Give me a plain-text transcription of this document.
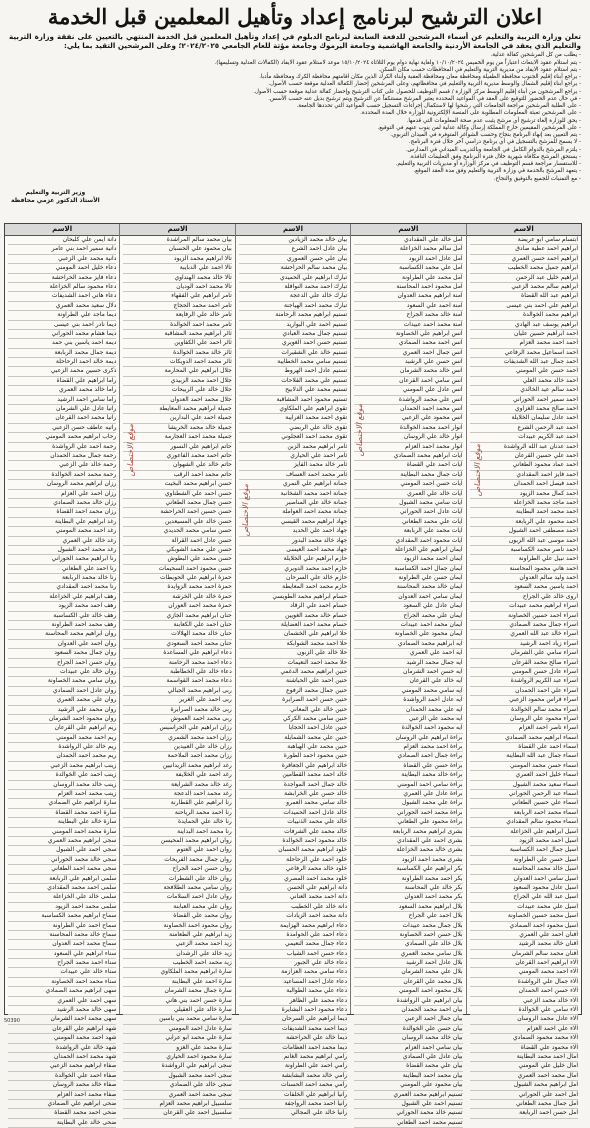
اعلان الترشيح لبرنامج إعداد وتأهيل المعلمين قبل الخدمة
تعلن وزارة التربية والتعليم عن أسماء المرشحين للدفعة السابعة لبرنامج الدبلوم في إعداد وتأهيل المعلمين قبل الخدمة المنتهي بالتعيين على نفقة وزارة التربية والتعليم الذي يعقد في الجامعة الأردنية والجامعة الهاشمية وجامعة اليرموك وجامعة مؤتة للعام الجامعي ٢٠٢٤/٢٠٢٥؛ وعلى المرشحين التقيد بما يلي:
- يطلب من كل المرشحين كفالة عدلية.
- يتم استلام عقود الابتعاث اعتباراً من يوم الخميس ١٠/١٠/٢٠٢٤ ولغاية نهاية دوام يوم الثلاثاء ١٥/١٠/٢٠٢٤ موعد لاستلام عقود الايفاد (الكفالات العدلية وتسليمها).
- يتم استلام عقود الايفاد من مديرية التربية والتعليم في المحافظات حسب مكان السكن.
- يراجع أبناء إقليم الجنوب محافظة الطفيلة ومحافظة معان ومحافظة العقبة وأبناء الكرك الذين مكان اقامتهم محافظة الكرك ومحافظة مأدبا.
- يراجع أبناء إقليم الشمال والوسط مديرية التربية والتعليم في محافظاتهم، وعلى المرشحين إحضار الكفالة العدلية موقعة حسب الأصول.
- يراجع المرشحون من أبناء إقليم الوسط مركز الوزارة / قسم التوظيف للحصول على كتاب الترشيح وإحضار كفالة عدلية موقعة حسب الأصول.
- في حال عدم الحضور للتوقيع على العقد في المواعيد المحددة يعتبر المرشح مستنكفاً عن الترشيح ويتم ترشيح بديل عنه حسب الأسس.
- على الطلبة المرشحين مراجعة الجامعات التي رشحوا لها لاستكمال إجراءات التسجيل حسب المواعيد التي تحددها الجامعة.
- على المرشحين تعبئة المعلومات المطلوبة على المنصة الإلكترونية للوزارة خلال المدة المحددة.
- يحق للوزارة إلغاء ترشيح أي مرشح يثبت عدم صحة المعلومات التي قدمها.
- على المرشحين المقيمين خارج المملكة إرسال وكالة عدلية لمن ينوب عنهم في التوقيع.
- يتم التعيين بعد إنهاء البرنامج بنجاح وحسب الشواغر المتوفرة في الميدان التربوي.
- لا يسمح للمرشح بالتسجيل في أي برنامج دراسي آخر خلال فترة البرنامج.
- يلتزم المرشح بالدوام الكامل في الجامعة وبالتدريب الميداني في المدارس.
- يستحق المرشح مكافأة شهرية خلال فترة البرنامج وفق التعليمات النافذة.
- للاستفسار مراجعة قسم التوظيف في مركز الوزارة أو مديريات التربية والتعليم.
- يتعهد المرشح بالخدمة في وزارة التربية والتعليم وفق مدة العقد الموقع.
- مع التمنيات للجميع بالتوفيق والنجاح.
وزير التربية والتعليم
الأستاذ الدكتور عزمي محافظة
الاسم
ابتسام سامي ابو عريضة
ابراهيم احمد عطية صادق
ابراهيم احمد حسن العمري
ابراهيم جميل محمد الخطيب
ابراهيم خليل عبد الرحمن
ابراهيم سالم محمد الزعبي
ابراهيم عبد الله القضاة
ابراهيم علي احمد بني عيسى
ابراهيم محمد الخوالدة
ابراهيم يوسف عبد الهادي
احمد ابراهيم حسين عليان
احمد احمد محمد العزام
احمد اسماعيل محمد الرفاعي
احمد جمال عبد الله الشديفات
احمد حسن علي المومني
احمد خالد محمد العلي
احمد سالم عيد الخالدي
احمد سمير احمد الحوراني
احمد صالح محمد الغزاوي
احمد عادل سليمان الخلايلة
احمد عبد الرحمن الشرع
احمد عبد الكريم عبيدات
احمد عدنان عبد الله الرواشدة
احمد علي حسين القرعان
احمد عماد محمود الطعاني
احمد فايز احمد المقدادي
احمد فيصل احمد الحمدان
احمد كمال محمد الزيود
احمد ماجد محمد الخزاعلة
احمد محمد احمد البطاينة
احمد محمود علي الربابعة
احمد مصطفى احمد الشبول
احمد موسى عبد الله الزبون
احمد ناصر محمد الكساسبة
احمد نبيل علي الطراونة
احمد هاني محمود المحاسنة
احمد وليد سالم العدوان
احمد ياسين محمد السعود
اروى خالد علي الجراح
اسراء ابراهيم محمد عبيدات
اسراء احمد حسين الخصاونة
اسراء جمال محمد الصمادي
اسراء خالد عبد الله العمري
اسراء زياد احمد الرشيد
اسراء سامي علي الشرمان
اسراء صالح محمد القرعان
اسراء عادل حسن المومني
اسراء عبد الكريم الرواشدة
اسراء علي احمد الحمدان
اسراء فراس محمود الزعبي
اسراء محمد سالم الخوالدة
اسراء محمود علي الروسان
اسراء ناصر احمد العزام
اسماء ابراهيم محمد الصمادي
اسماء احمد علي القضاة
اسماء جمال عبد الله البطاينة
اسماء حسن محمد المومني
اسماء خليل احمد العمري
اسماء سعيد محمد الشبول
اسماء عبد الرحمن الحوراني
اسماء علي حسين الطعاني
اسماء محمد احمد الربابعة
اسماء محمود سالم المقدادي
اسيل ابراهيم علي الخزاعلة
اسيل احمد محمد الزيود
اسيل جمال احمد الكساسبة
اسيل حسن علي الطراونة
اسيل خالد محمد المحاسنة
اسيل سامي احمد العدوان
اسيل عادل محمود السعود
اسيل عبد الله علي الجراح
اسيل علي محمد عبيدات
اسيل محمد حسين الخصاونة
اسيل محمود احمد الصمادي
افنان احمد علي العمري
افنان خالد محمد الرشيد
افنان محمد سالم الشرمان
الاء ابراهيم احمد القرعان
الاء احمد محمد المومني
الاء جمال علي الرواشدة
الاء حسن احمد الحمدان
الاء خالد محمد الزعبي
الاء سامي علي الخوالدة
الاء عادل محمد الروسان
الاء علي احمد العزام
الاء محمد محمود الصمادي
الاء محمود علي القضاة
امال احمد محمد البطاينة
امال خليل علي المومني
امال محمد احمد العمري
امل ابراهيم محمد الشبول
امل احمد علي الحوراني
امل جمال محمد الطعاني
امل حسن احمد الربابعة
موقع الاختصاص
الاسم
امل خالد علي المقدادي
امل سالم محمد الخزاعلة
امل عادل احمد الزيود
امل علي محمد الكساسبة
امل محمد علي الطراونة
امل محمود احمد المحاسنة
امنة ابراهيم محمد العدوان
امنة احمد علي السعود
امنة خالد محمد الجراح
امنة محمد احمد عبيدات
انس ابراهيم علي الخصاونة
انس احمد محمد الصمادي
انس جمال احمد العمري
انس حسن علي الرشيد
انس خالد محمد الشرمان
انس سامي احمد القرعان
انس عادل علي المومني
انس علي محمد الرواشدة
انس محمد احمد الحمدان
انس محمود علي الزعبي
انوار احمد محمد الخوالدة
انوار خالد علي الروسان
انوار محمد احمد العزام
ايات ابراهيم محمد الصمادي
ايات احمد علي القضاة
ايات جمال محمد البطاينة
ايات حسن احمد المومني
ايات خالد علي العمري
ايات سامي محمد الشبول
ايات عادل احمد الحوراني
ايات علي محمد الطعاني
ايات محمد علي الربابعة
ايات محمود احمد المقدادي
ايمان ابراهيم علي الخزاعلة
ايمان احمد محمد الزيود
ايمان جمال احمد الكساسبة
ايمان حسن علي الطراونة
ايمان خالد محمد المحاسنة
ايمان سامي احمد العدوان
ايمان عادل علي السعود
ايمان علي محمد الجراح
ايمان محمد احمد عبيدات
ايمان محمود علي الخصاونة
ايه ابراهيم محمد الصمادي
ايه احمد علي العمري
ايه جمال محمد الرشيد
ايه حسن احمد الشرمان
ايه خالد علي القرعان
ايه سامي محمد المومني
ايه عادل احمد الرواشدة
ايه علي محمد الحمدان
ايه محمد علي الزعبي
ايه محمود احمد الخوالدة
براءة ابراهيم علي الروسان
براءة احمد محمد العزام
براءة جمال احمد الصمادي
براءة حسن علي القضاة
براءة خالد محمد البطاينة
براءة سامي احمد المومني
براءة عادل علي العمري
براءة علي محمد الشبول
براءة محمد احمد الحوراني
براءة محمود علي الطعاني
بشرى ابراهيم محمد الربابعة
بشرى احمد علي المقدادي
بشرى خالد محمد الخزاعلة
بشرى محمد احمد الزيود
بكر ابراهيم علي الكساسبة
بكر احمد محمد الطراونة
بكر خالد علي المحاسنة
بكر محمد احمد العدوان
بلال ابراهيم محمد السعود
بلال احمد علي الجراح
بلال جمال محمد عبيدات
بلال حسن احمد الخصاونة
بلال خالد علي الصمادي
بلال سامي محمد العمري
بلال عادل احمد الرشيد
بلال علي محمد الشرمان
بلال محمد علي القرعان
بلال محمود احمد المومني
بيان ابراهيم علي الرواشدة
بيان احمد محمد الحمدان
بيان جمال احمد الزعبي
بيان حسن علي الخوالدة
بيان خالد محمد الروسان
بيان سامي احمد العزام
بيان عادل علي الصمادي
بيان علي محمد القضاة
بيان محمد احمد البطاينة
بيان محمود علي المومني
تسنيم ابراهيم محمد العمري
تسنيم احمد علي الشبول
تسنيم خالد محمد الحوراني
تسنيم محمد احمد الطعاني
موقع الاختصاص
الاسم
بيان خالد محمد الزيادين
بيان عادل احمد الشرع
بيان علي حسن العموري
بيان محمد سالم الحراحشة
تبارك ابراهيم علي الحميدي
تبارك احمد محمد النوافلة
تبارك خالد علي الدعجة
تبارك محمد احمد الهياجنة
تسنيم ابراهيم محمد الرحامنة
تسنيم احمد علي البواريد
تسنيم جمال محمد العبادي
تسنيم حسن احمد الغويري
تسنيم خالد علي الشقيرات
تسنيم سامي محمد الخطايبة
تسنيم عادل احمد الهروط
تسنيم علي محمد الفلاحات
تسنيم محمد علي الدلابيح
تسنيم محمود احمد المشاقبة
تقوى ابراهيم علي الملكاوي
تقوى احمد محمد الغرايبة
تقوى خالد علي الربضي
تقوى محمد احمد العجلوني
ثامر ابراهيم محمد الزبن
ثامر احمد علي الحياري
ثامر خالد محمد الفايز
ثامر محمد احمد العساف
جمانة ابراهيم علي النمري
جمانة احمد محمد الشخانبة
جمانة خالد علي المناصير
جمانة محمد احمد العواملة
جهاد ابراهيم محمد القيسي
جهاد احمد علي الحديد
جهاد خالد محمد البدور
جهاد محمد احمد العيسى
حازم ابراهيم علي الخلايلة
حازم احمد محمد الدويري
حازم خالد علي السرحان
حازم محمد احمد المعايطة
حسام ابراهيم محمد الطويسي
حسام احمد علي الرقاد
حسام خالد محمد الغويين
حسام محمد احمد العضايلة
حلا ابراهيم علي الخشمان
حلا احمد محمد الشوابكة
حلا خالد علي الزبون
حلا محمد احمد النعيمات
حنين ابراهيم محمد الدغمي
حنين احمد علي الحباشنة
حنين جمال محمد الرفوع
حنين حسن احمد الصرايرة
حنين خالد علي المعاني
حنين سامي محمد الكركي
حنين عادل احمد الحجايا
حنين علي محمد الشمايلة
حنين محمد علي الهباهبة
حنين محمود احمد الطورة
خالد ابراهيم علي الجعافرة
خالد احمد محمد القطامين
خالد جمال احمد المواجدة
خالد حسن علي الخرابشة
خالد سامي محمد العمرو
خالد عادل احمد الحميدات
خالد علي محمد الذنيبات
خالد محمد علي الشرفات
خالد محمود احمد الخوالدة
خلود ابراهيم محمد الحسبان
خلود احمد علي الرحاحلة
خلود خالد محمد الرفاعي
خلود محمد احمد المصري
دانة ابراهيم علي الحسن
دانة احمد محمد العناني
دانة خالد علي الخطيب
دانة محمد احمد الزيادات
دعاء ابراهيم محمد الهزايمة
دعاء احمد علي الحوامدة
دعاء جمال محمد النعيمي
دعاء حسن احمد الشياب
دعاء خالد علي الجبور
دعاء سامي محمد العزازمة
دعاء عادل احمد المساعيد
دعاء علي محمد الطوالبة
دعاء محمد علي الظاهر
دعاء محمود احمد البشايرة
ديما ابراهيم علي السرحان
ديما احمد محمد الشديفات
ديما خالد علي الحراحشة
ديما محمد احمد العظامات
رامي ابراهيم محمد الغانم
رامي احمد علي الطراونة
رامي خالد محمد البشابشة
رامي محمد احمد الحسنات
رانيا ابراهيم علي الخلفات
رانيا احمد محمد الرواجفة
رانيا خالد علي المجالي
موقع الاختصاص
الاسم
بيان محمد سالم المراشدة
بيان محمود علي الحسبان
تالا ابراهيم محمد الزيود
تالا احمد علي الدبايبة
تالا خالد محمد الهنداوي
تالا محمد احمد الوديان
تامر ابراهيم علي الفقهاء
تامر احمد محمد الحجاج
تامر خالد علي الرفايعة
تامر محمد احمد الخوالدة
ثائر ابراهيم محمد المشاقبة
ثائر احمد علي الكفاوين
ثائر خالد محمد الخوالدة
ثائر محمد احمد الدويكات
جلال ابراهيم علي المحارمة
جلال احمد محمد الزبيدي
جلال خالد علي الربيحات
جلال محمد احمد العدوان
جميلة ابراهيم محمد المعايطة
جميلة احمد علي البدارين
جميلة خالد محمد الخريشا
جميلة محمد احمد العجارمة
حاتم ابراهيم علي النسور
حاتم احمد محمد الفاعوري
حاتم خالد علي الشهوان
حاتم محمد احمد الرقب
حسن ابراهيم محمد البخيت
حسن احمد علي الشطناوي
حسن جمال محمد الطعاني
حسن حسين احمد الحراحشة
حسن خالد علي المسيعدين
حسن سامي محمد الحديدي
حسن عادل احمد القرالة
حسن علي محمد الشوبكي
حسن محمد علي البطوش
حسن محمود احمد السحيمات
حمزة ابراهيم علي الحويطات
حمزة احمد محمد الزوايدة
حمزة خالد علي الخرشة
حمزة محمد احمد العوران
حنان ابراهيم محمد الجازي
حنان احمد علي الكعابنة
حنان خالد محمد الهلالات
حنان محمد احمد السعودي
دعاء ابراهيم علي المساعدة
دعاء احمد محمد الرحامنة
دعاء خالد علي الخطاطبة
دعاء محمد احمد القواسمة
ربى ابراهيم محمد الجبالي
ربى احمد علي الغرير
ربى خالد محمد الصرايرة
ربى محمد احمد العموش
رزان ابراهيم علي الحراسيس
رزان احمد محمد الشمري
رزان خالد علي العبيدين
رزان محمد احمد الملاحمة
رغد ابراهيم محمد الزيدانيين
رغد احمد علي الخلايفة
رغد خالد محمد الشرايعة
رغد محمد احمد الدعجة
رنا ابراهيم علي القطارنة
رنا احمد محمد الرياحنة
رنا خالد علي الحمايدة
رنا محمد احمد البداينة
روان ابراهيم محمد المحيسن
روان احمد علي العتوم
روان جمال محمد الفريحات
روان حسن احمد الجراح
روان خالد علي الشطرات
روان سامي محمد الطلافحة
روان عادل احمد السلامات
روان علي محمد العبابنة
روان محمد علي القضاة
روان محمود احمد الخصاونة
زيد ابراهيم علي الطعامنة
زيد احمد محمد الزعبي
زيد خالد علي الرشدان
زيد محمد احمد الخطيب
سارة ابراهيم محمد الملكاوي
سارة احمد علي البطاينة
سارة جمال محمد الشرمان
سارة حسن احمد بني هاني
سارة خالد علي العقيلي
سارة سامي محمد بني ياسين
سارة عادل احمد المومني
سارة علي محمد ابو عرابي
سارة محمد علي الغزو
سارة محمود احمد الحياري
سجى ابراهيم علي الرواشدة
سجى احمد محمد الشبول
سجى خالد علي الصمادي
سجى محمد احمد العمري
سلسبيل ابراهيم محمد العزام
سلسبيل احمد علي القرعان
موقع الاختصاص
الاسم
دانة ايمن علي كلبحان
دانية سمير احمد بني عامر
دانية محمد علي الزعبي
دعاء خليل احمد المومني
دعاء فايز محمد الحراحشة
دعاء محمود سالم الخزاعلة
دعاء هاني احمد الشديفات
دلال سعيد محمد العمري
ديما ماجد علي الطراونة
ديما نادر احمد بني عيسى
ديما هشام محمد الحوراني
ديمة احمد ياسين بني حمد
ديمة جمال محمد الربابعة
ديمة خالد احمد الرحاحلة
ذكرى حسين محمد الزعبي
راما ابراهيم علي القضاة
راما خالد محمد العمري
راما سامي احمد الرشيد
رانيا عادل علي الشرمان
رانيا محمد احمد القرعان
رانيه عاطف حسن الزعبي
رحاب ابراهيم محمد المومني
رحمة احمد علي الرواشدة
رحمة جمال محمد الحمدان
رحمة خالد علي الزعبي
رحمة محمد احمد الخوالدة
رزان ابراهيم محمد الروسان
رزان احمد علي العزام
رزان خالد محمد الصمادي
رزان محمد احمد القضاة
رغد ابراهيم علي البطاينة
رغد احمد محمد المومني
رغد خالد علي العمري
رغد محمد احمد الشبول
رنا ابراهيم محمد الحوراني
رنا احمد علي الطعاني
رنا خالد محمد الربابعة
رنا محمد احمد المقدادي
رهف ابراهيم علي الخزاعلة
رهف احمد محمد الزيود
رهف خالد علي الكساسبة
رهف محمد احمد الطراونة
روان ابراهيم محمد المحاسنة
روان احمد علي العدوان
روان جمال محمد السعود
روان حسن احمد الجراح
روان خالد علي عبيدات
روان سامي محمد الخصاونة
روان عادل احمد الصمادي
روان علي محمد العمري
روان محمد علي الرشيد
روان محمود احمد الشرمان
ريم ابراهيم علي القرعان
ريم احمد محمد المومني
ريم خالد علي الرواشدة
ريم محمد احمد الحمدان
زينب ابراهيم محمد الزعبي
زينب احمد علي الخوالدة
زينب خالد محمد الروسان
زينب محمد احمد العزام
سارة ابراهيم علي الصمادي
سارة احمد محمد القضاة
سارة خالد علي البطاينة
سارة محمد احمد المومني
سجى ابراهيم محمد العمري
سجى احمد علي الشبول
سجى خالد محمد الحوراني
سجى محمد احمد الطعاني
سلمى ابراهيم علي الربابعة
سلمى احمد محمد المقدادي
سلمى خالد علي الخزاعلة
سلمى محمد احمد الزيود
سماح ابراهيم محمد الكساسبة
سماح احمد علي الطراونة
سماح خالد محمد المحاسنة
سماح محمد احمد العدوان
سناء ابراهيم علي السعود
سناء احمد محمد الجراح
سناء خالد علي عبيدات
سناء محمد احمد الخصاونة
سهى ابراهيم محمد الصمادي
سهى احمد علي العمري
سهى خالد محمد الرشيد
سهى محمد احمد الشرمان
شهد ابراهيم علي القرعان
شهد احمد محمد المومني
شهد خالد علي الرواشدة
شهد محمد احمد الحمدان
صفاء ابراهيم محمد الزعبي
صفاء احمد علي الخوالدة
صفاء خالد محمد الروسان
صفاء محمد احمد العزام
ضحى ابراهيم علي الصمادي
ضحى احمد محمد القضاة
ضحى خالد علي البطاينة
50390
